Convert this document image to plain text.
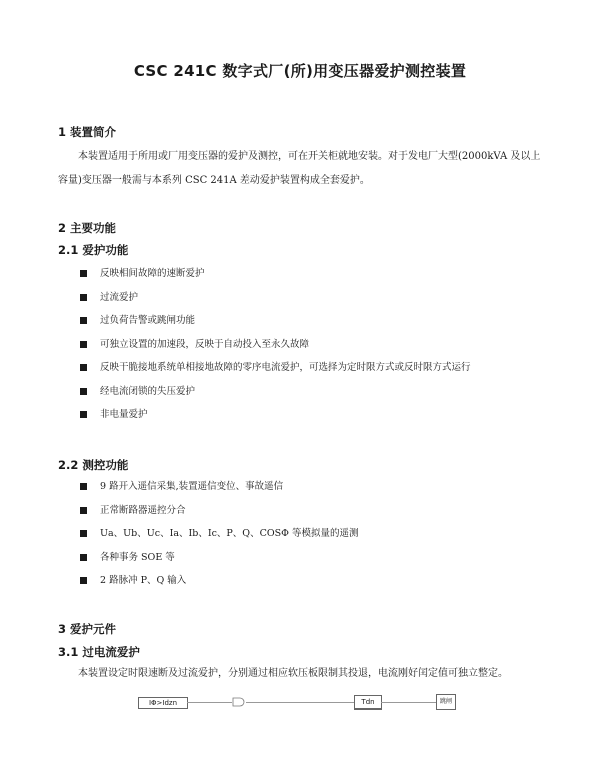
CSC 241C 数字式厂(所)用变压器爱护测控装置
1 装置简介

本装置适用于所用或厂用变压器的爱护及测控，可在开关柜就地安装。对于发电厂大型(2000kVA 及以上容量)变压器一般需与本系列 CSC 241A 差动爱护装置构成全套爱护。

2 主要功能
2.1 爱护功能
反映相间故障的速断爱护
过流爱护
过负荷告警或跳闸功能
可独立设置的加速段，反映于自动投入至永久故障
反映干脆接地系统单相接地故障的零序电流爱护，可选择为定时限方式或反时限方式运行
经电流闭锁的失压爱护
非电量爱护
2.2 测控功能
9 路开入遥信采集,装置遥信变位、事故遥信
正常断路器遥控分合
Ua、Ub、Uc、Ia、Ib、Ic、P、Q、COSΦ 等模拟量的遥测
各种事务 SOE 等
2 路脉冲 P、Q 输入
3 爱护元件
3.1 过电流爱护

本装置设定时限速断及过流爱护，分别通过相应软压板限制其投退，电流刚好闰定值可独立整定。

IΦ>Idzn	Tdn	跳闸
